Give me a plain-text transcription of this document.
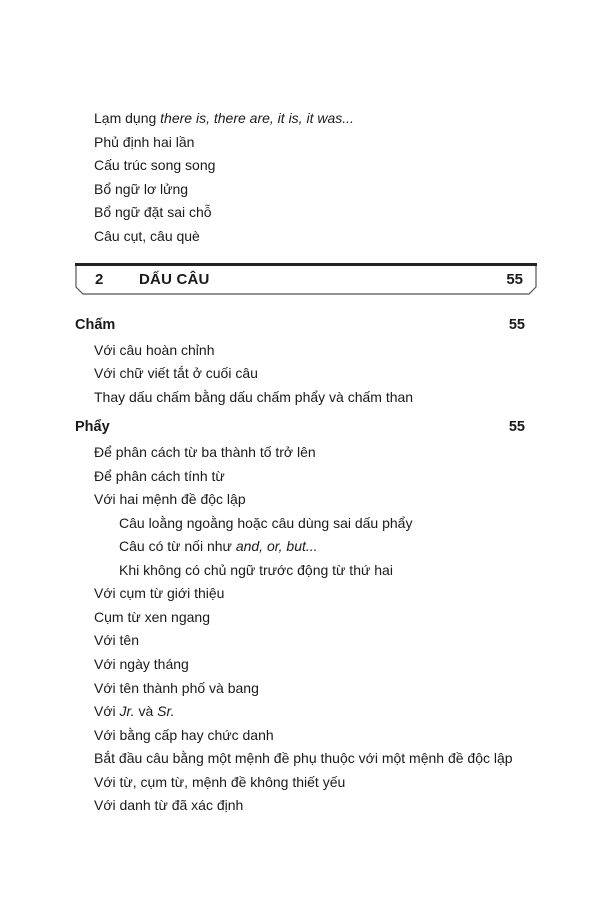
Lạm dụng there is, there are, it is, it was...
Phủ định hai lần
Cấu trúc song song
Bổ ngữ lơ lửng
Bổ ngữ đặt sai chỗ
Câu cụt, câu què
2 DẤU CÂU	55
Chấm	55
Với câu hoàn chỉnh
Với chữ viết tắt ở cuối câu
Thay dấu chấm bằng dấu chấm phẩy và chấm than
Phẩy	55
Để phân cách từ ba thành tố trở lên
Để phân cách tính từ
Với hai mệnh đề độc lập
Câu loằng ngoằng hoặc câu dùng sai dấu phẩy
Câu có từ nối như and, or, but...
Khi không có chủ ngữ trước động từ thứ hai
Với cụm từ giới thiệu
Cụm từ xen ngang
Với tên
Với ngày tháng
Với tên thành phố và bang
Với Jr. và Sr.
Với bằng cấp hay chức danh
Bắt đầu câu bằng một mệnh đề phụ thuộc với một mệnh đề độc lập
Với từ, cụm từ, mệnh đề không thiết yếu
Với danh từ đã xác định
